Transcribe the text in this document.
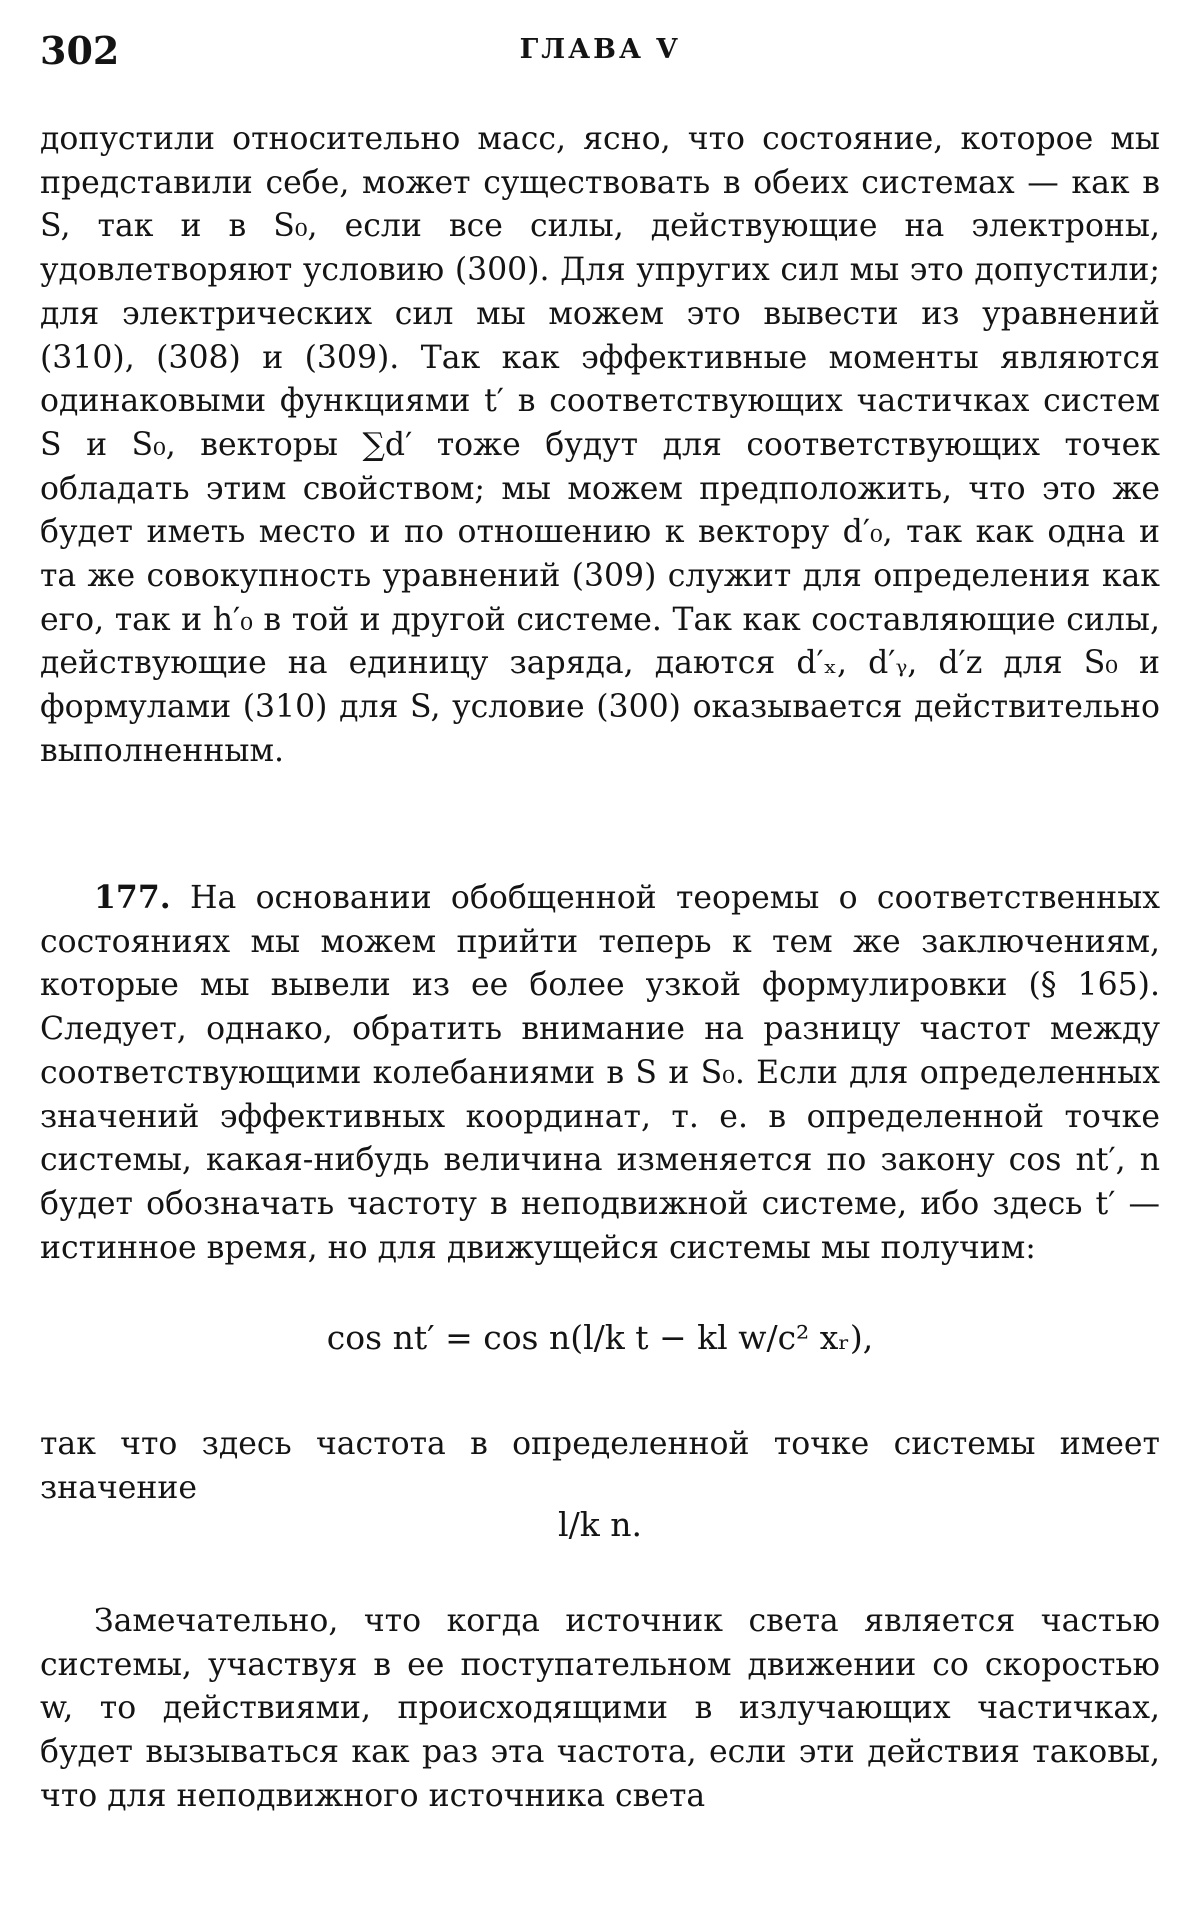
302	ГЛАВА V

допустили относительно масс, ясно, что состояние, которое мы представили себе, может существовать в обеих системах — как в S, так и в S₀, если все силы, действующие на электроны, удовлетворяют условию (300). Для упругих сил мы это допустили; для электрических сил мы можем это вывести из уравнений (310), (308) и (309). Так как эффективные моменты являются одинаковыми функциями t′ в соответствующих частичках систем S и S₀, векторы ∑d′ тоже будут для соответствующих точек обладать этим свойством; мы можем предположить, что это же будет иметь место и по отношению к вектору d′₀, так как одна и та же совокупность уравнений (309) служит для определения как его, так и h′₀ в той и другой системе. Так как составляющие силы, действующие на единицу заряда, даются d′ₓ, d′ᵧ, d′z для S₀ и формулами (310) для S, условие (300) оказывается действительно выполненным.

177. На основании обобщенной теоремы о соответственных состояниях мы можем прийти теперь к тем же заключениям, которые мы вывели из ее более узкой формулировки (§ 165). Следует, однако, обратить внимание на разницу частот между соответствующими колебаниями в S и S₀. Если для определенных значений эффективных координат, т. е. в определенной точке системы, какая-нибудь величина изменяется по закону cos nt′, n будет обозначать частоту в неподвижной системе, ибо здесь t′ — истинное время, но для движущейся системы мы получим:

cos nt′ = cos n(l/k t − kl w/c² xᵣ),

так что здесь частота в определенной точке системы имеет значение

l/k n.

Замечательно, что когда источник света является частью системы, участвуя в ее поступательном движении со скоростью w, то действиями, происходящими в излучающих частичках, будет вызываться как раз эта частота, если эти действия таковы, что для неподвижного источника света
